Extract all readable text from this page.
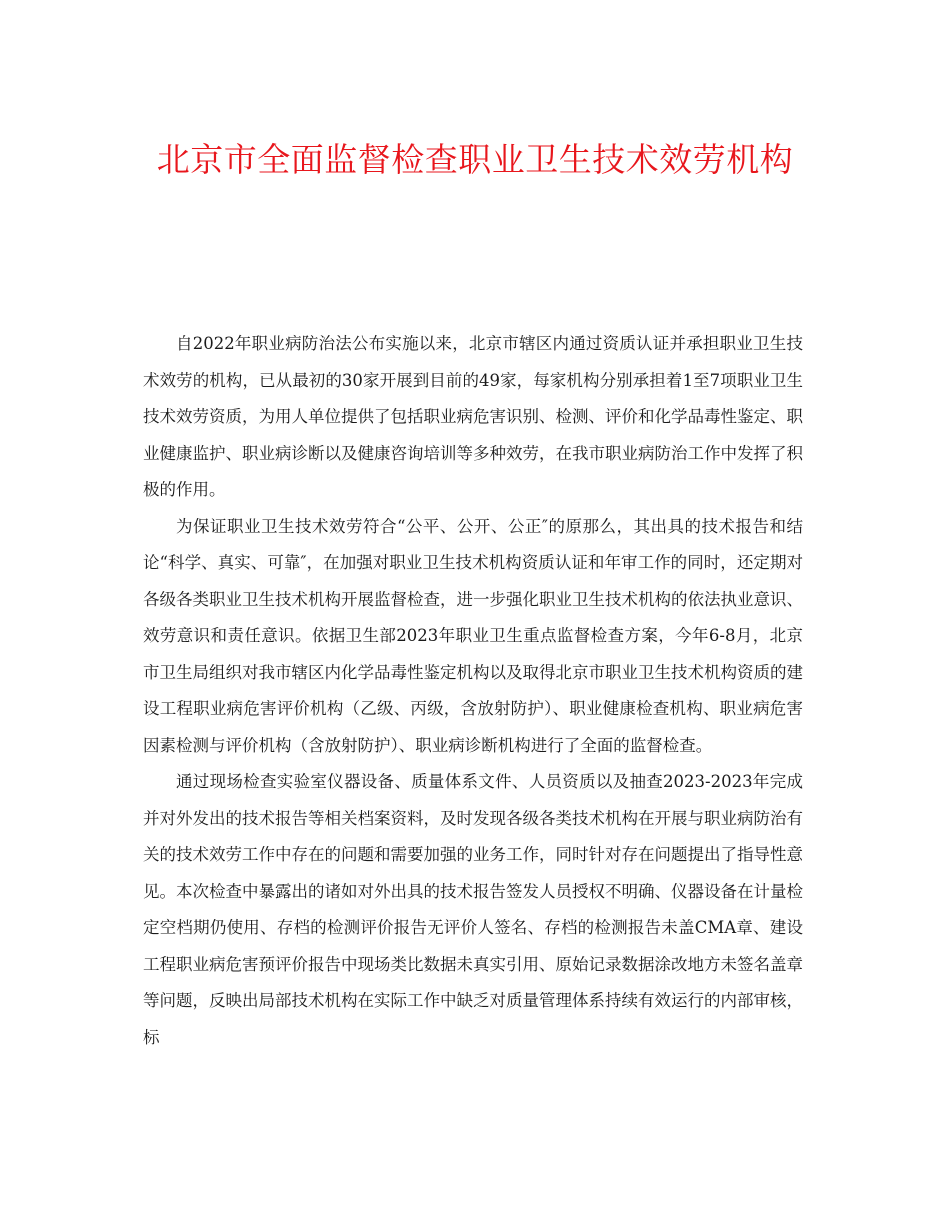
北京市全面监督检查职业卫生技术效劳机构

自2022年职业病防治法公布实施以来，北京市辖区内通过资质认证并承担职业卫生技术效劳的机构，已从最初的30家开展到目前的49家，每家机构分别承担着1至7项职业卫生技术效劳资质，为用人单位提供了包括职业病危害识别、检测、评价和化学品毒性鉴定、职业健康监护、职业病诊断以及健康咨询培训等多种效劳，在我市职业病防治工作中发挥了积极的作用。

为保证职业卫生技术效劳符合“公平、公开、公正″的原那么，其出具的技术报告和结论“科学、真实、可靠″，在加强对职业卫生技术机构资质认证和年审工作的同时，还定期对各级各类职业卫生技术机构开展监督检查，进一步强化职业卫生技术机构的依法执业意识、效劳意识和责任意识。依据卫生部2023年职业卫生重点监督检查方案，今年6-8月，北京市卫生局组织对我市辖区内化学品毒性鉴定机构以及取得北京市职业卫生技术机构资质的建设工程职业病危害评价机构（乙级、丙级，含放射防护）、职业健康检查机构、职业病危害因素检测与评价机构（含放射防护）、职业病诊断机构进行了全面的监督检查。

通过现场检查实验室仪器设备、质量体系文件、人员资质以及抽查2023-2023年完成并对外发出的技术报告等相关档案资料，及时发现各级各类技术机构在开展与职业病防治有关的技术效劳工作中存在的问题和需要加强的业务工作，同时针对存在问题提出了指导性意见。本次检查中暴露出的诸如对外出具的技术报告签发人员授权不明确、仪器设备在计量检定空档期仍使用、存档的检测评价报告无评价人签名、存档的检测报告未盖CMA章、建设工程职业病危害预评价报告中现场类比数据未真实引用、原始记录数据涂改地方未签名盖章等问题，反映出局部技术机构在实际工作中缺乏对质量管理体系持续有效运行的内部审核，标
